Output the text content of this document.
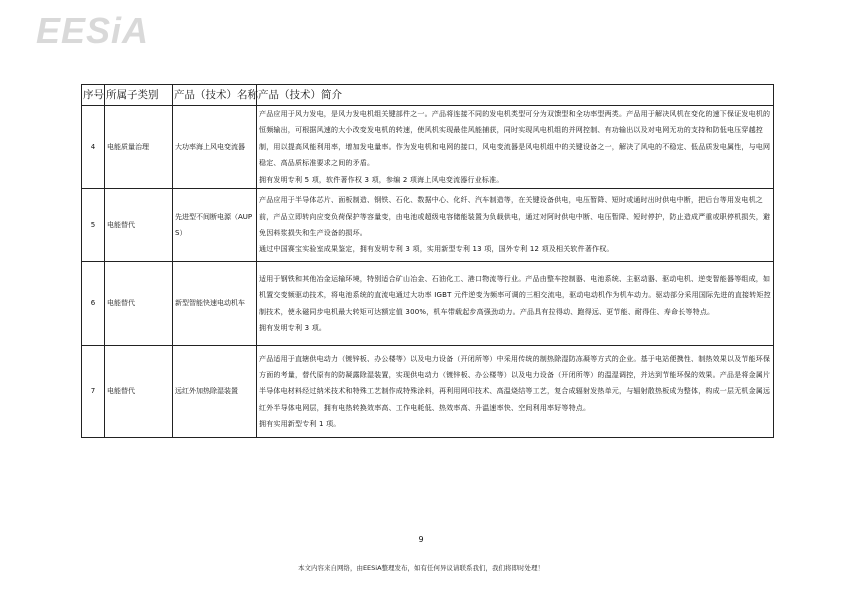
EESiA
序号	所属子类别	产品（技术）名称	产品（技术）简介
4	电能质量治理	大功率海上风电变流器	产品应用于风力发电，是风力发电机组关键部件之一。产品将连接不同的发电机类型可分为双馈型和全功率型两类。产品用于解决风机在变化的速下保证发电机的恒频输出，可根据风速的大小改变发电机的转速，使风机实现最佳风能捕获，同时实现风电机组的并网控制、有功输出以及对电网无功的支持和防低电压穿越控制，用以提高风能利用率，增加发电量率。作为发电机和电网的接口，风电变流器是风电机组中的关键设备之一，解决了风电的不稳定、低品质发电属性，与电网稳定、高品质标准要求之间的矛盾。

拥有发明专利 5 项，软件著作权 3 项，参编 2 项海上风电变流器行业标准。

5	电能替代	先进型不间断电源（AUPS）	产品应用于半导体芯片、面板制造、钢铁、石化、数据中心、化纤、汽车制造等，在关键设备供电，电压暂降、短时或通时出时供电中断，把后台等用发电机之前，产品立即转向应变负荷保护等容量变，由电池或超级电容储能装置为负载供电，通过对阿时供电中断、电压暂降、短时停护，防止造成严重或职停机损失，避免因料浆损失和生产设备的损坏。

通过中国赛宝实验室成果鉴定，拥有发明专利 3 项，实用新型专利 13 项，国外专利 12 项及相关软件著作权。

6	电能替代	新型智能快速电动机车	适用于钢铁和其他冶金运输环境，特别适合矿山冶金、石油化工、港口物流等行业。产品由整车控制器、电池系统、主驱动器、驱动电机、逆变智能器等组成，如机置交变频驱动技术，将电池系统的直流电通过大功率 IGBT 元件逆变为频率可调的三相交流电，驱动电动机作为机车动力。驱动部分采用国际先进的直接转矩控制技术，使永磁同步电机最大转矩可达额定值 300%，机车带载起步高强劲动力。产品具有拉得动、跑得远、更节能、耐得住、寿命长等特点。

拥有发明专利 3 项。

7	电能替代	远红外加热除湿装置	产品适用于直辖供电动力（镀锌板、办公楼等）以及电力设备（开闭所等）中采用传统的制热除湿防冻凝等方式的企业。基于电站便携性、制热效果以及节能环保方面的考量，替代原有的防凝露除湿装置，实现供电动力（镀锌板、办公楼等）以及电力设备（开闭所等）的温湿调控，并达到节能环保的效果。产品是将金属片半导体电材料经过纳米技术和特殊工艺制作成特殊涂料，再利用网印技术、高温烧结等工艺，复合成辐射发热单元，与辐射散热板成为整体，构成一层无机金属远红外半导体电网层，拥有电热转换效率高、工作电耗低、热效率高、升温速率快、空间利用率好等特点。

拥有实用新型专利 1 项。

9
本文内容来自网络，由EESiA整理发布，如有任何异议请联系我们，我们将即时处理！
